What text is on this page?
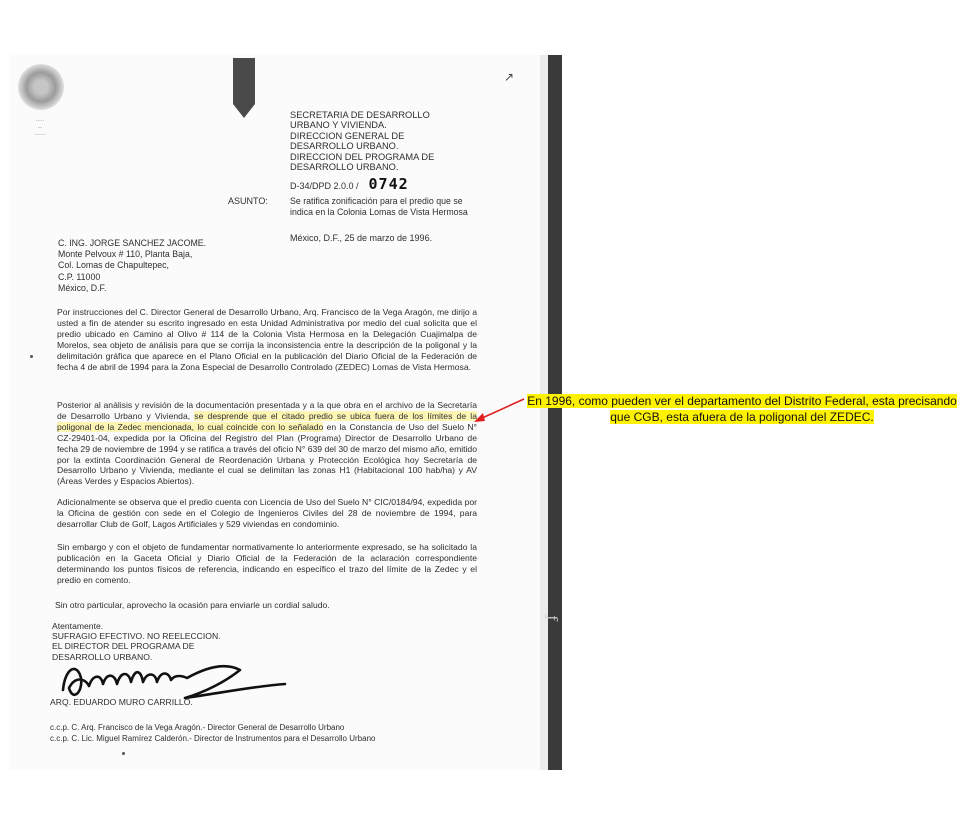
ƒ
·····
···
·······
↗
SECRETARIA DE DESARROLLO
URBANO Y VIVIENDA.
DIRECCION GENERAL DE
DESARROLLO URBANO.
DIRECCION DEL PROGRAMA DE
DESARROLLO URBANO.
D-34/DPD 2.0.0 / 0742
ASUNTO:	Se ratifica zonificación para el predio que se indica en la Colonia Lomas de Vista Hermosa
México, D.F., 25 de marzo de 1996.
C. ING. JORGE SANCHEZ JACOME.
Monte Pelvoux # 110, Planta Baja,
Col. Lomas de Chapultepec,
C.P. 11000
México, D.F.

Por instrucciones del C. Director General de Desarrollo Urbano, Arq. Francisco de la Vega Aragón, me dirijo a usted a fin de atender su escrito ingresado en esta Unidad Administrativa por medio del cual solicita que el predio ubicado en Camino al Olivo # 114 de la Colonia Vista Hermosa en la Delegación Cuajimalpa de Morelos, sea objeto de análisis para que se corrija la inconsistencia entre la descripción de la poligonal y la delimitación gráfica que aparece en el Plano Oficial en la publicación del Diario Oficial de la Federación de fecha 4 de abril de 1994 para la Zona Especial de Desarrollo Controlado (ZEDEC) Lomas de Vista Hermosa.

Posterior al análisis y revisión de la documentación presentada y a la que obra en el archivo de la Secretaría de Desarrollo Urbano y Vivienda, se desprende que el citado predio se ubica fuera de los límites de la poligonal de la Zedec mencionada, lo cual coincide con lo señalado en la Constancia de Uso del Suelo N° CZ-29401-04, expedida por la Oficina del Registro del Plan (Programa) Director de Desarrollo Urbano de fecha 29 de noviembre de 1994 y se ratifica a través del oficio N° 639 del 30 de marzo del mismo año, emitido por la extinta Coordinación General de Reordenación Urbana y Protección Ecológica hoy Secretaría de Desarrollo Urbano y Vivienda, mediante el cual se delimitan las zonas H1 (Habitacional 100 hab/ha) y AV (Áreas Verdes y Espacios Abiertos).

Adicionalmente se observa que el predio cuenta con Licencia de Uso del Suelo N° CIC/0184/94, expedida por la Oficina de gestión con sede en el Colegio de Ingenieros Civiles del 28 de noviembre de 1994, para desarrollar Club de Golf, Lagos Artificiales y 529 viviendas en condominio.

Sin embargo y con el objeto de fundamentar normativamente lo anteriormente expresado, se ha solicitado la publicación en la Gaceta Oficial y Diario Oficial de la Federación de la aclaración correspondiente determinando los puntos físicos de referencia, indicando en específico el trazo del límite de la Zedec y el predio en comento.

Sin otro particular, aprovecho la ocasión para enviarle un cordial saludo.
Atentamente.
SUFRAGIO EFECTIVO. NO REELECCION.
EL DIRECTOR DEL PROGRAMA DE
DESARROLLO URBANO.
ARQ. EDUARDO MURO CARRILLO.
c.c.p. C. Arq. Francisco de la Vega Aragón.- Director General de Desarrollo Urbano
c.c.p. C. Lic. Miguel Ramírez Calderón.- Director de Instrumentos para el Desarrollo Urbano
En 1996, como pueden ver el departamento del Distrito Federal, esta precisando que CGB, esta afuera de la poligonal del ZEDEC.
